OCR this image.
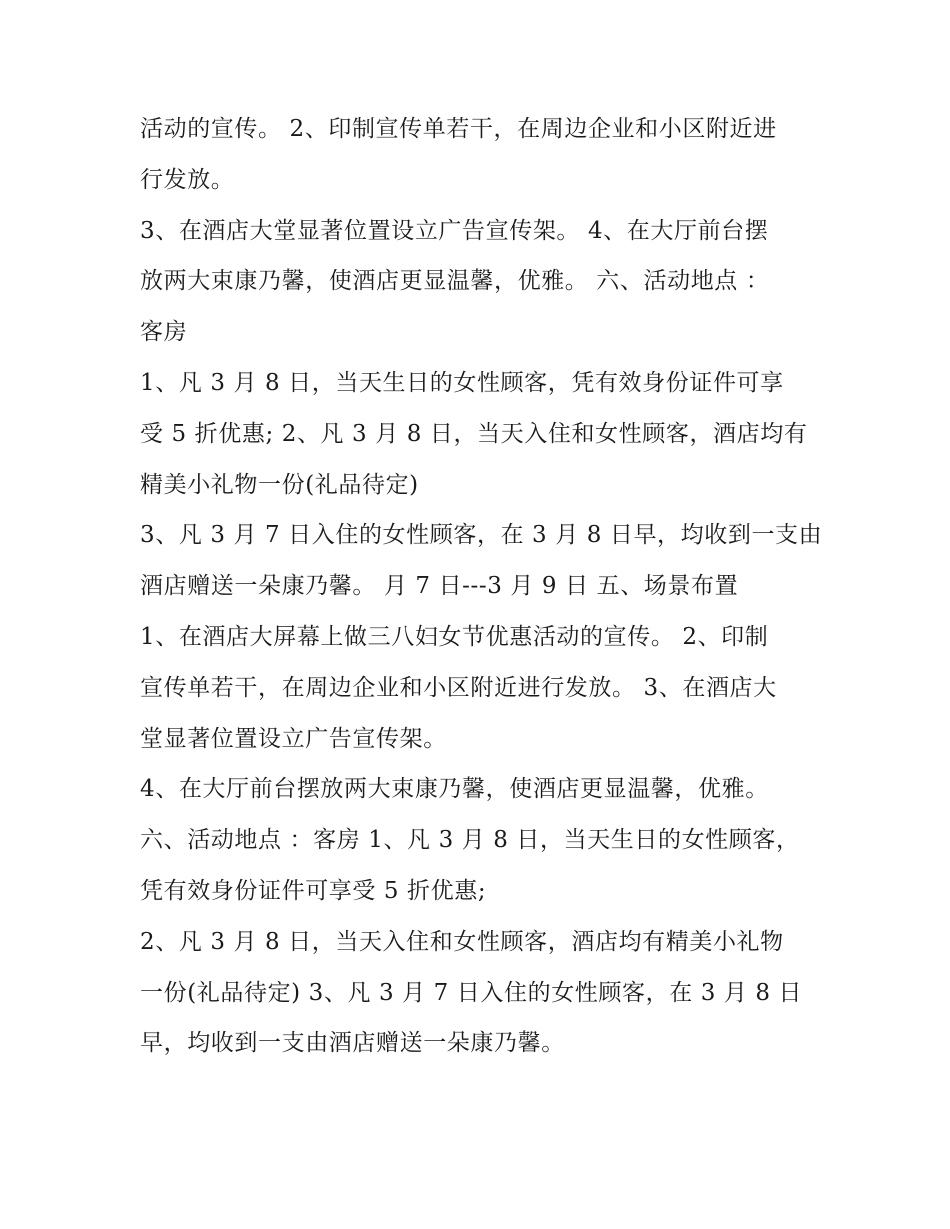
活动的宣传。 2、印制宣传单若干，在周边企业和小区附近进
行发放。
3、在酒店大堂显著位置设立广告宣传架。 4、在大厅前台摆
放两大束康乃馨，使酒店更显温馨，优雅。 六、活动地点 ：
客房
1、凡 3 月 8 日，当天生日的女性顾客，凭有效身份证件可享
受 5 折优惠; 2、凡 3 月 8 日，当天入住和女性顾客，酒店均有
精美小礼物一份(礼品待定)
3、凡 3 月 7 日入住的女性顾客，在 3 月 8 日早，均收到一支由
酒店赠送一朵康乃馨。 月 7 日---3 月 9 日 五、场景布置
1、在酒店大屏幕上做三八妇女节优惠活动的宣传。 2、印制
宣传单若干，在周边企业和小区附近进行发放。 3、在酒店大
堂显著位置设立广告宣传架。
4、在大厅前台摆放两大束康乃馨，使酒店更显温馨，优雅。
六、活动地点 ：客房 1、凡 3 月 8 日，当天生日的女性顾客，
凭有效身份证件可享受 5 折优惠;
2、凡 3 月 8 日，当天入住和女性顾客，酒店均有精美小礼物
一份(礼品待定) 3、凡 3 月 7 日入住的女性顾客，在 3 月 8 日
早，均收到一支由酒店赠送一朵康乃馨。
